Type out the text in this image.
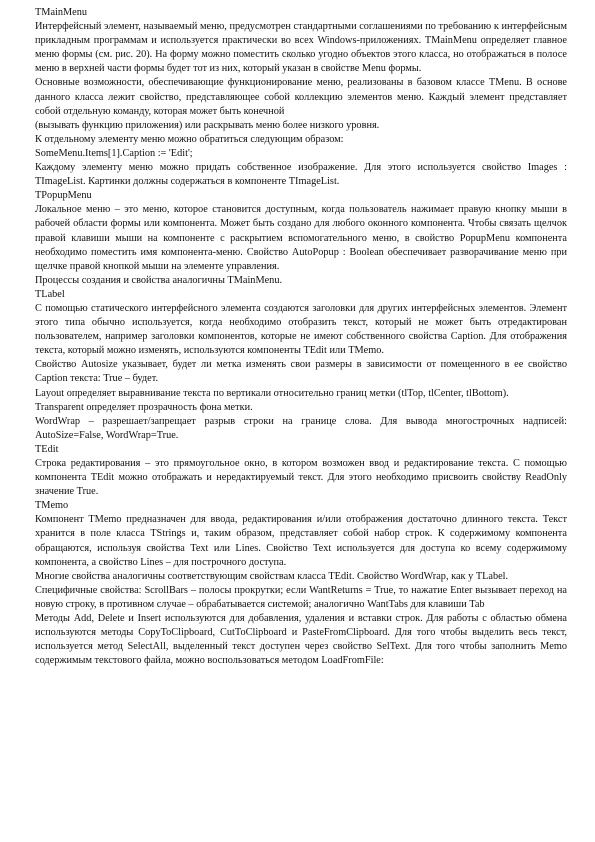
TMainMenu

Интерфейсный элемент, называемый меню, предусмотрен стандартными соглашениями по требованию к интерфейсным прикладным программам и используется практически во всех Windows-приложениях. TMainMenu определяет главное меню формы (см. рис. 20). На форму можно поместить сколько угодно объектов этого класса, но отображаться в полосе меню в верхней части формы будет тот из них, который указан в свойстве Menu формы.

Основные возможности, обеспечивающие функционирование меню, реализованы в базовом классе TMenu. В основе данного класса лежит свойство, представляющее собой коллекцию элементов меню. Каждый элемент представляет собой отдельную команду, которая может быть конечной

(вызывать функцию приложения) или раскрывать меню более низкого уровня.

К отдельному элементу меню можно обратиться следующим образом:

SomeMenu.Items[1].Caption := 'Edit';

Каждому элементу меню можно придать собственное изображение. Для этого используется свойство Images : TImageList. Картинки должны содержаться в компоненте TImageList.

TPopupMenu

Локальное меню – это меню, которое становится доступным, когда пользователь нажимает правую кнопку мыши в рабочей области формы или компонента. Может быть создано для любого оконного компонента. Чтобы связать щелчок правой клавиши мыши на компоненте с раскрытием вспомогательного меню, в свойство PopupMenu компонента необходимо поместить имя компонента-меню. Свойство AutoPopup : Boolean обеспечивает разворачивание меню при щелчке правой кнопкой мыши на элементе управления.

Процессы создания и свойства аналогичны TMainMenu.

TLabel

С помощью статического интерфейсного элемента создаются заголовки для других интерфейсных элементов. Элемент этого типа обычно используется, когда необходимо отобразить текст, который не может быть отредактирован пользователем, например заголовки компонентов, которые не имеют собственного свойства Caption. Для отображения текста, который можно изменять, используются компоненты TEdit или TMemo.

Свойство Autosize указывает, будет ли метка изменять свои размеры в зависимости от помещенного в ее свойство Caption текста: True – будет.

Layout определяет выравнивание текста по вертикали относительно границ метки (tlTop, tlCenter, tlBottom).

Transparent определяет прозрачность фона метки.

WordWrap – разрешает/запрещает разрыв строки на границе слова. Для вывода многострочных надписей: AutoSize=False, WordWrap=True.

TEdit

Строка редактирования – это прямоугольное окно, в котором возможен ввод и редактирование текста. С помощью компонента TEdit можно отображать и нередактируемый текст. Для этого необходимо присвоить свойству ReadOnly значение True.

TMemo

Компонент TMemo предназначен для ввода, редактирования и/или отображения достаточно длинного текста. Текст хранится в поле класса TStrings и, таким образом, представляет собой набор строк. К содержимому компонента обращаются, используя свойства Text или Lines. Свойство Text используется для доступа ко всему содержимому компонента, а свойство Lines – для построчного доступа.

Многие свойства аналогичны соответствующим свойствам класса TEdit. Свойство WordWrap, как у TLabel.

Специфичные свойства: ScrollBars – полосы прокрутки; если WantReturns = True, то нажатие Enter вызывает переход на новую строку, в противном случае – обрабатывается системой; аналогично WantTabs для клавиши Tab

Методы Add, Delete и Insert используются для добавления, удаления и вставки строк. Для работы с областью обмена используются методы CopyToClipboard, CutToClipboard и PasteFromClipboard. Для того чтобы выделить весь текст, используется метод SelectAll, выделенный текст доступен через свойство SelText. Для того чтобы заполнить Memo содержимым текстового файла, можно воспользоваться методом LoadFromFile:
